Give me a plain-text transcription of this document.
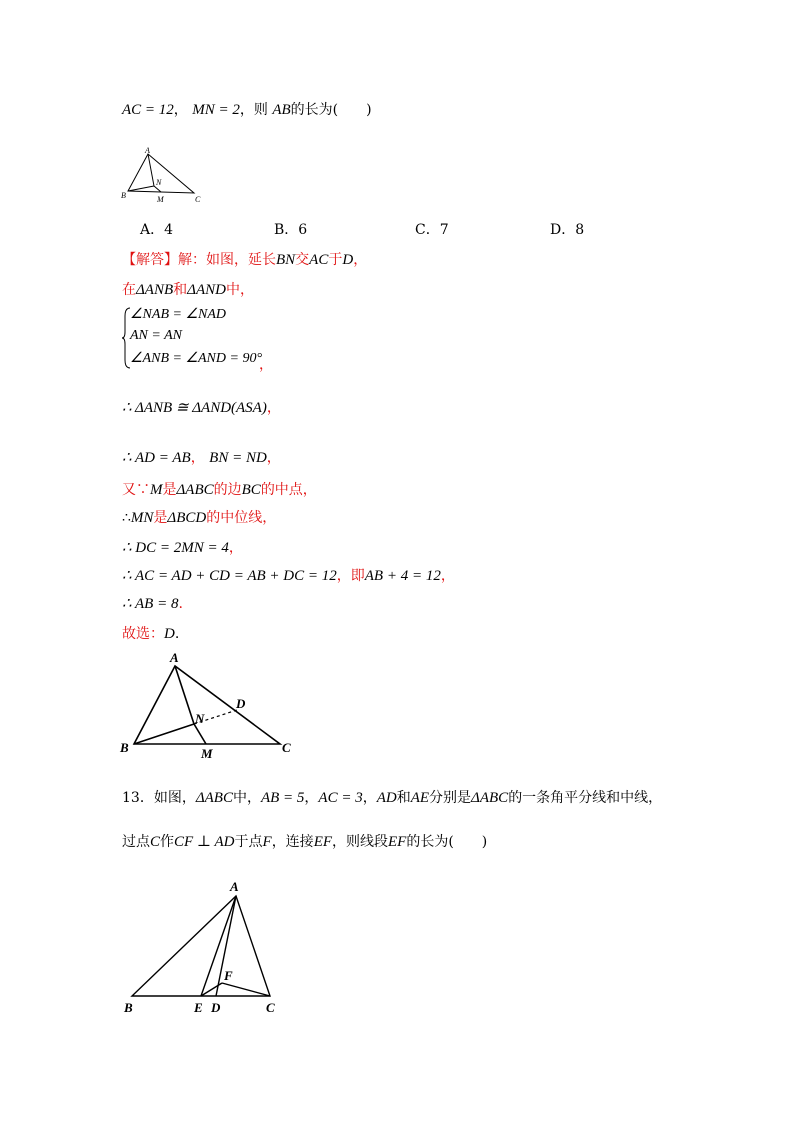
AC = 12， MN = 2，则 AB的长为(　　)
A
B	C
M
N
A．4	B．6	C．7	D．8
【解答】解：如图，延长BN交AC于D，
在ΔANB和ΔAND中，
∠NAB = ∠NAD
AN = AN
∠ANB = ∠AND = 90°
，
∴ ΔANB ≅ ΔAND(ASA)，
∴ AD = AB， BN = ND，
又∵M是ΔABC的边BC的中点，
∴MN是ΔBCD的中位线，
∴ DC = 2MN = 4，
∴ AC = AD + CD = AB + DC = 12，即AB + 4 = 12，
∴ AB = 8.
故选：D.
A
B	C
D
M
N
13．如图，ΔABC中，AB = 5，AC = 3，AD和AE分别是ΔABC的一条角平分线和中线，
过点C作CF ⊥ AD于点F，连接EF，则线段EF的长为(　　)
A
B	E D
F
C
